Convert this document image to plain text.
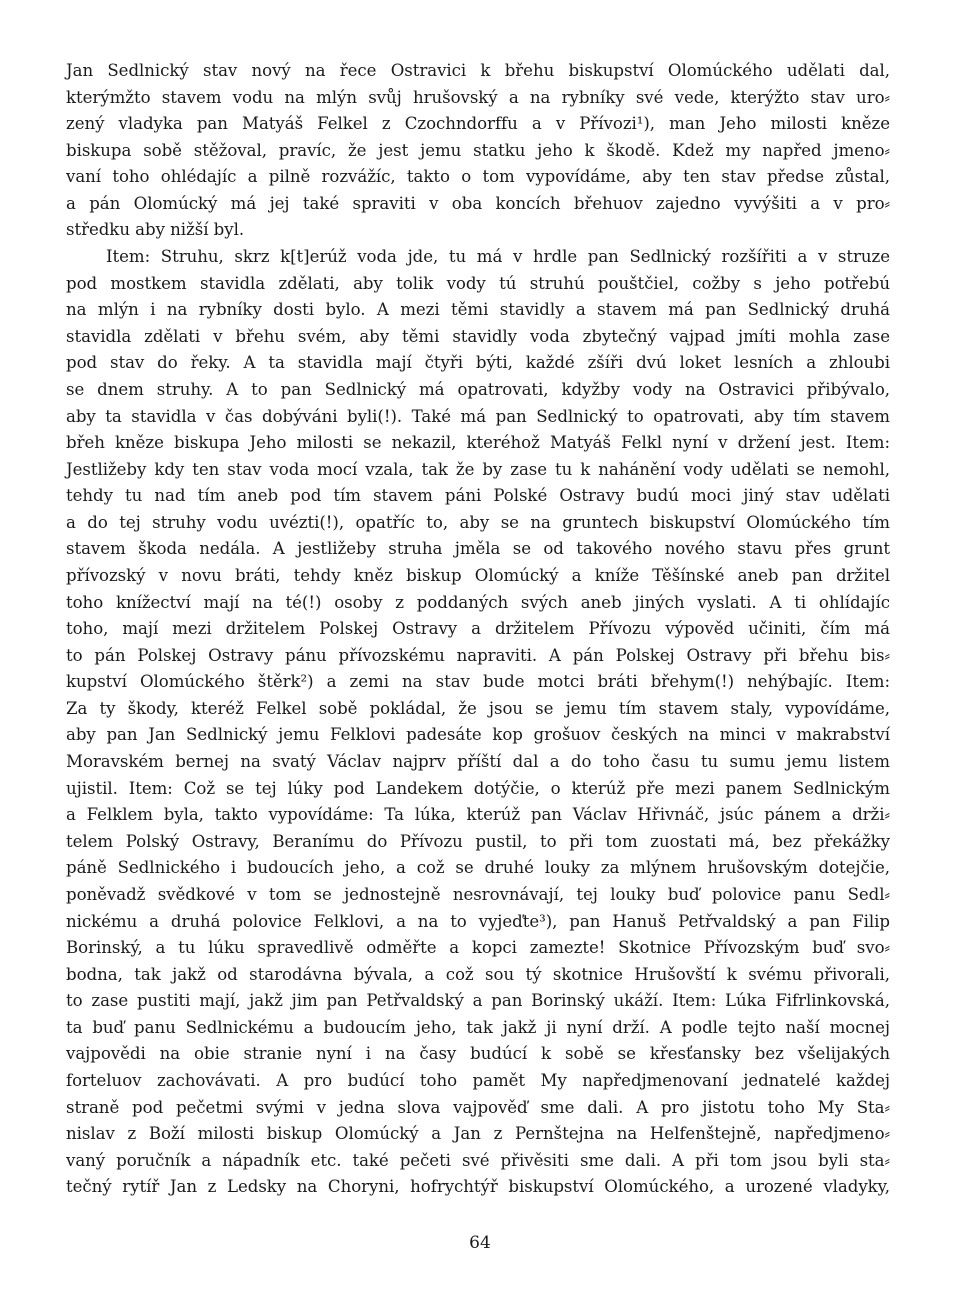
Jan Sedlnický stav nový na řece Ostravici k břehu biskupství Olomúckého udělati dal,
kterýmžto stavem vodu na mlýn svůj hrušovský a na rybníky své vede, kterýžto stav uro⸗
zený vladyka pan Matyáš Felkel z Czochndorffu a v Přívozi¹), man Jeho milosti kněze
biskupa sobě stěžoval, pravíc, že jest jemu statku jeho k škodě. Kdež my napřed jmeno⸗
vaní toho ohlédajíc a pilně rozvážíc, takto o tom vypovídáme, aby ten stav předse zůstal,
a pán Olomúcký má jej také spraviti v oba koncích břehuov zajedno vyvýšiti a v pro⸗
středku aby nižší byl.
Item: Struhu, skrz k[t]erúž voda jde, tu má v hrdle pan Sedlnický rozšířiti a v struze
pod mostkem stavidla zdělati, aby tolik vody tú struhú pouštčiel, cožby s jeho potřebú
na mlýn i na rybníky dosti bylo. A mezi těmi stavidly a stavem má pan Sedlnický druhá
stavidla zdělati v břehu svém, aby těmi stavidly voda zbytečný vajpad jmíti mohla zase
pod stav do řeky. A ta stavidla mají čtyři býti, každé zšíři dvú loket lesních a zhloubi
se dnem struhy. A to pan Sedlnický má opatrovati, kdyžby vody na Ostravici přibývalo,
aby ta stavidla v čas dobýváni byli(!). Také má pan Sedlnický to opatrovati, aby tím stavem
břeh kněze biskupa Jeho milosti se nekazil, kteréhož Matyáš Felkl nyní v držení jest. Item:
Jestližeby kdy ten stav voda mocí vzala, tak že by zase tu k nahánění vody udělati se nemohl,
tehdy tu nad tím aneb pod tím stavem páni Polské Ostravy budú moci jiný stav udělati
a do tej struhy vodu uvézti(!), opatříc to, aby se na gruntech biskupství Olomúckého tím
stavem škoda nedála. A jestližeby struha jměla se od takového nového stavu přes grunt
přívozský v novu bráti, tehdy kněz biskup Olomúcký a kníže Těšínské aneb pan držitel
toho knížectví mají na té(!) osoby z poddaných svých aneb jiných vyslati. A ti ohlídajíc
toho, mají mezi držitelem Polskej Ostravy a držitelem Přívozu výpověd učiniti, čím má
to pán Polskej Ostravy pánu přívozskému napraviti. A pán Polskej Ostravy při břehu bis⸗
kupství Olomúckého štěrk²) a zemi na stav bude motci bráti břehym(!) nehýbajíc. Item:
Za ty škody, kteréž Felkel sobě pokládal, že jsou se jemu tím stavem staly, vypovídáme,
aby pan Jan Sedlnický jemu Felklovi padesáte kop grošuov českých na minci v makrabství
Moravském bernej na svatý Václav najprv příští dal a do toho času tu sumu jemu listem
ujistil. Item: Což se tej lúky pod Landekem dotýčie, o kterúž pře mezi panem Sedlnickým
a Felklem byla, takto vypovídáme: Ta lúka, kterúž pan Václav Hřivnáč, jsúc pánem a drži⸗
telem Polský Ostravy, Beranímu do Přívozu pustil, to při tom zuostati má, bez překážky
páně Sedlnického i budoucích jeho, a což se druhé louky za mlýnem hrušovským dotejčie,
poněvadž svědkové v tom se jednostejně nesrovnávají, tej louky buď polovice panu Sedl⸗
nickému a druhá polovice Felklovi, a na to vyjeďte³), pan Hanuš Petřvaldský a pan Filip
Borinský, a tu lúku spravedlivě odměřte a kopci zamezte! Skotnice Přívozským buď svo⸗
bodna, tak jakž od starodávna bývala, a což sou tý skotnice Hrušovští k svému přivorali,
to zase pustiti mají, jakž jim pan Petřvaldský a pan Borinský ukáží. Item: Lúka Fifrlinkovská,
ta buď panu Sedlnickému a budoucím jeho, tak jakž ji nyní drží. A podle tejto naší mocnej
vajpovědi na obie stranie nyní i na časy budúcí k sobě se křesťansky bez všelijakých
forteluov zachovávati. A pro budúcí toho pamět My napředjmenovaní jednatelé každej
straně pod pečetmi svými v jedna slova vajpověď sme dali. A pro jistotu toho My Sta⸗
nislav z Boží milosti biskup Olomúcký a Jan z Pernštejna na Helfenštejně, napředjmeno⸗
vaný poručník a nápadník etc. také pečeti své přivěsiti sme dali. A při tom jsou byli sta⸗
tečný rytíř Jan z Ledsky na Choryni, hofrychtýř biskupství Olomúckého, a urozené vladyky,
64
